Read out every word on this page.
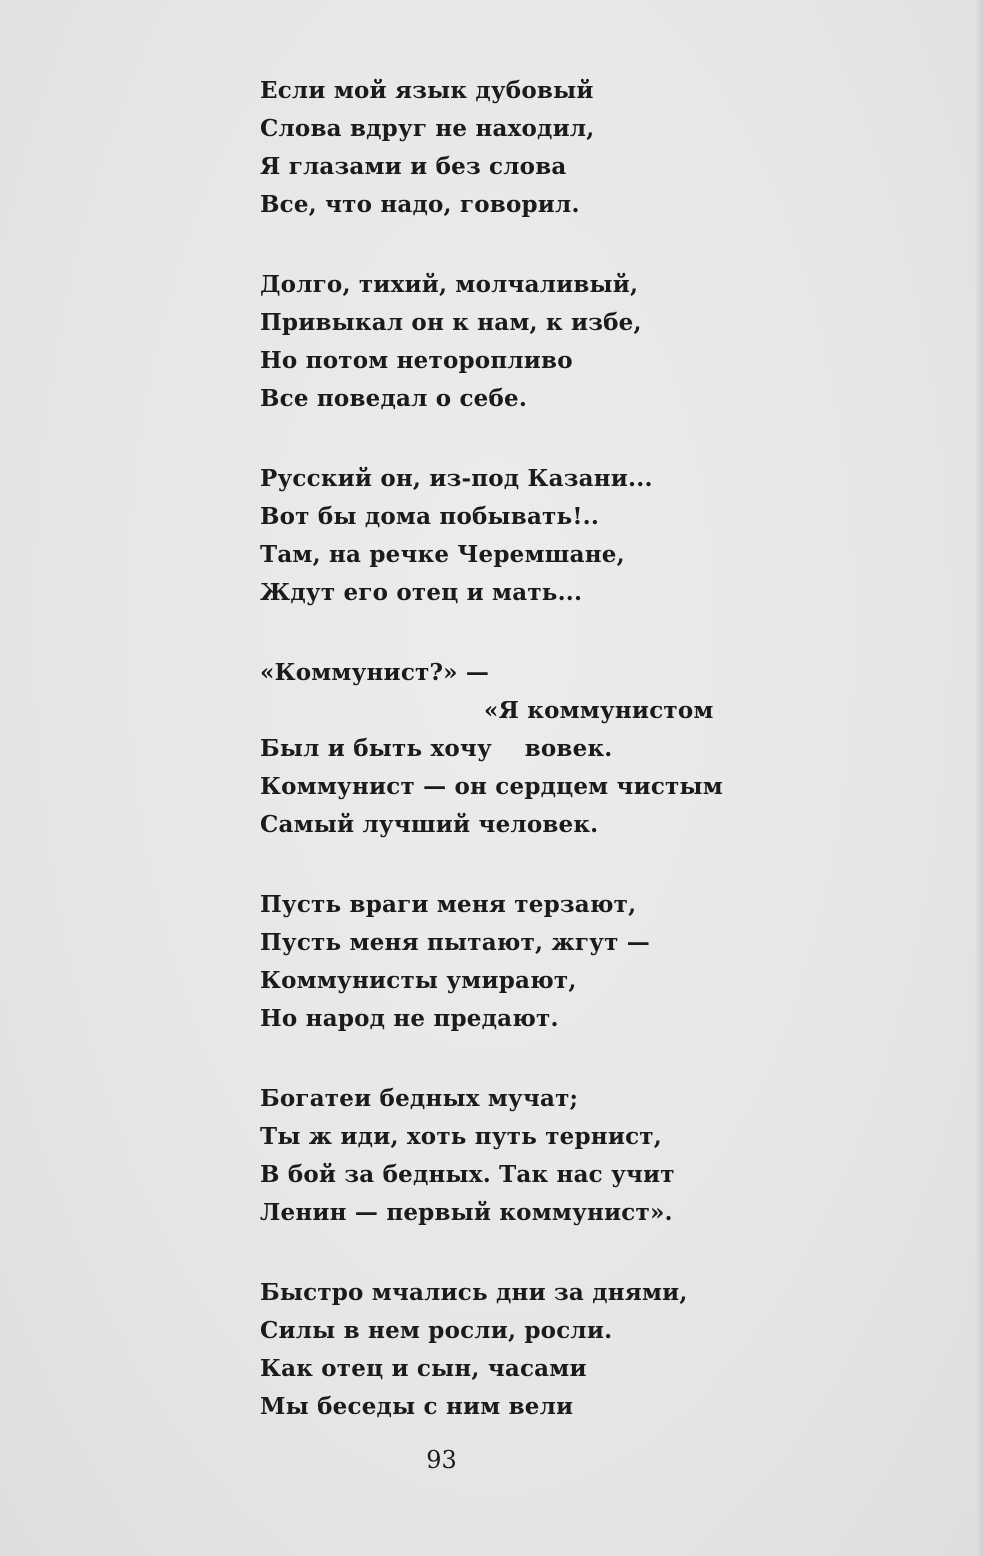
Если мой язык дубовый
Слова вдруг не находил,
Я глазами и без слова
Все, что надо, говорил.
Долго, тихий, молчаливый,
Привыкал он к нам, к избе,
Но потом неторопливо
Все поведал о себе.
Русский он, из-под Казани...
Вот бы дома побывать!..
Там, на речке Черемшане,
Ждут его отец и мать...
«Коммунист?» —
«Я коммунистом
Был и быть хочу    вовек.
Коммунист — он сердцем чистым
Самый лучший человек.
Пусть враги меня терзают,
Пусть меня пытают, жгут —
Коммунисты умирают,
Но народ не предают.
Богатеи бедных мучат;
Ты ж иди, хоть путь тернист,
В бой за бедных. Так нас учит
Ленин — первый коммунист».
Быстро мчались дни за днями,
Силы в нем росли, росли.
Как отец и сын, часами
Мы беседы с ним вели
93
